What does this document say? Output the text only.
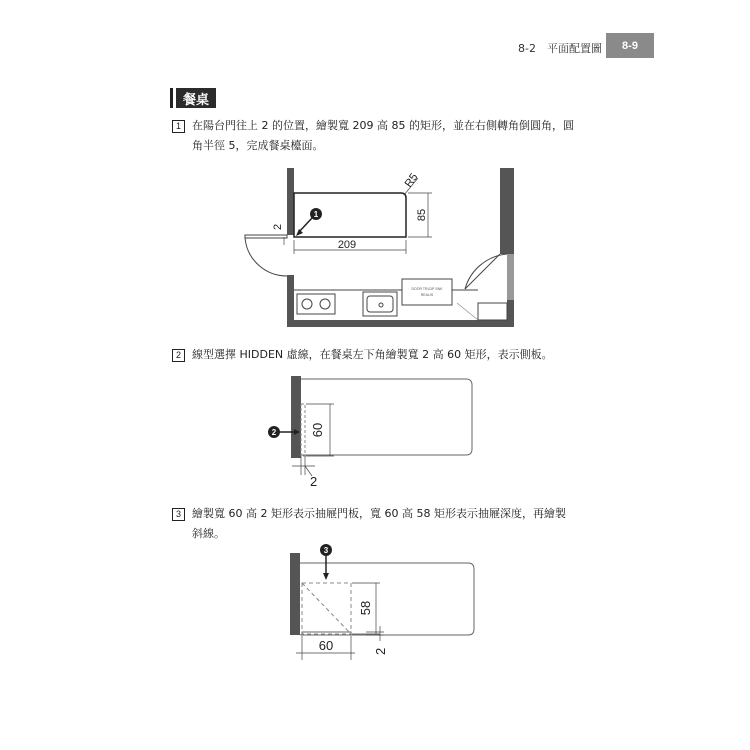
8-2　平面配置圖	8-9
餐桌
1	在陽台門往上 2 的位置，繪製寬 209 高 85 的矩形，並在右側轉角倒圓角，圓
角半徑 5，完成餐桌檯面。
DOOR TRLDP SNK
REALIS
209
85
R5
2
1
2	線型選擇 HIDDEN 虛線，在餐桌左下角繪製寬 2 高 60 矩形，表示側板。
60
2
2
3	繪製寬 60 高 2 矩形表示抽屜門板，寬 60 高 58 矩形表示抽屜深度，再繪製
斜線。
58
60	2
3
